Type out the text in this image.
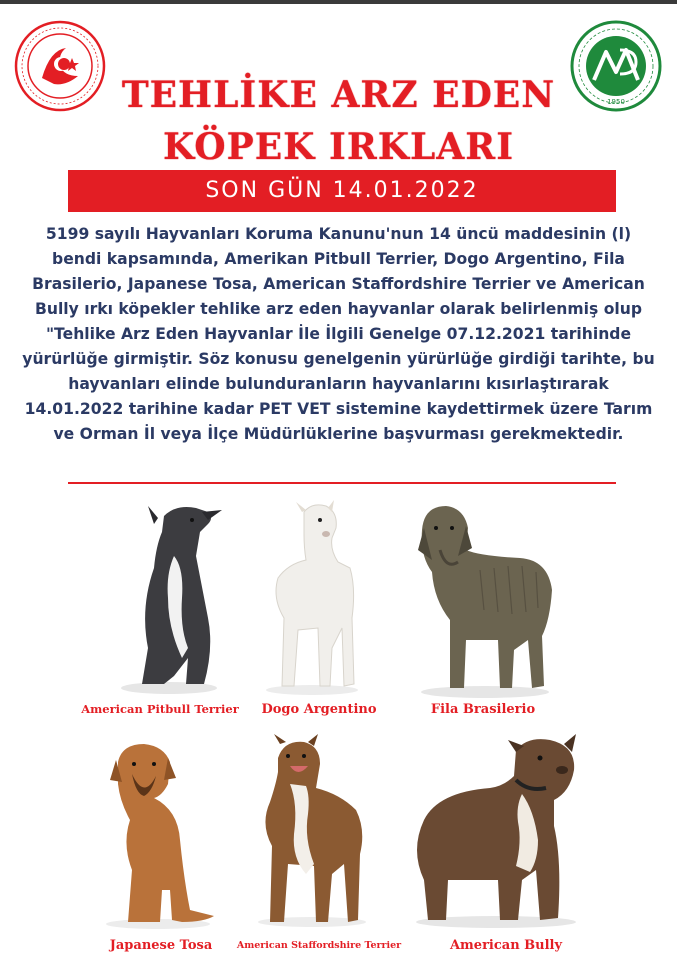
1950
TEHLİKE ARZ EDEN
KÖPEK IRKLARI
SON GÜN 14.01.2022
5199 sayılı Hayvanları Koruma Kanunu'nun 14 üncü maddesinin (l) bendi kapsamında, Amerikan Pitbull Terrier, Dogo Argentino, Fila Brasilerio, Japanese Tosa, American Staffordshire Terrier ve American Bully ırkı köpekler tehlike arz eden hayvanlar olarak belirlenmiş olup "Tehlike Arz Eden Hayvanlar İle İlgili Genelge 07.12.2021 tarihinde yürürlüğe girmiştir. Söz konusu genelgenin yürürlüğe girdiği tarihte, bu hayvanları elinde bulunduranların hayvanlarını kısırlaştırarak 14.01.2022 tarihine kadar PET VET sistemine kaydettirmek üzere Tarım ve Orman İl veya İlçe Müdürlüklerine başvurması gerekmektedir.
American Pitbull Terrier	Dogo Argentino	Fila Brasilerio
Japanese Tosa	American Staffordshire Terrier	American Bully
